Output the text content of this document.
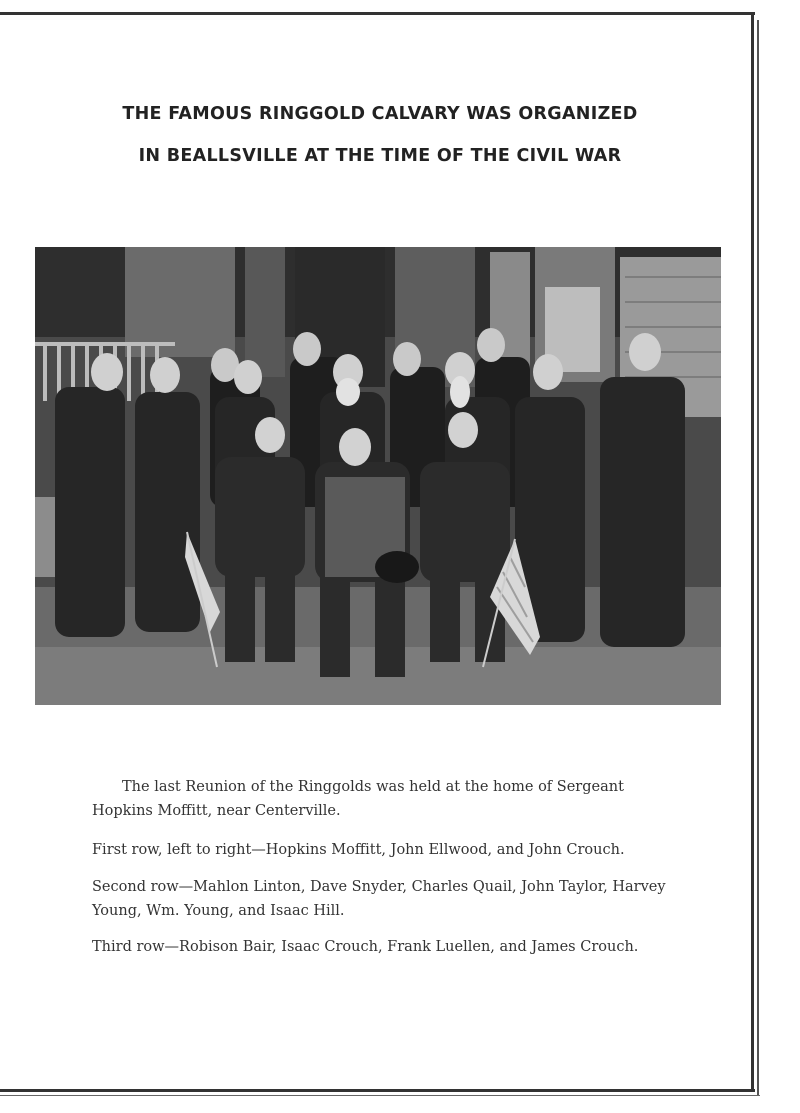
THE FAMOUS RINGGOLD CALVARY WAS ORGANIZED
IN BEALLSVILLE AT THE TIME OF THE CIVIL WAR

The last Reunion of the Ringgolds was held at the home of Sergeant Hopkins Moffitt, near Centerville.

First row, left to right—Hopkins Moffitt, John Ellwood, and John Crouch.

Second row—Mahlon Linton, Dave Snyder, Charles Quail, John Taylor, Harvey Young, Wm. Young, and Isaac Hill.

Third row—Robison Bair, Isaac Crouch, Frank Luellen, and James Crouch.
